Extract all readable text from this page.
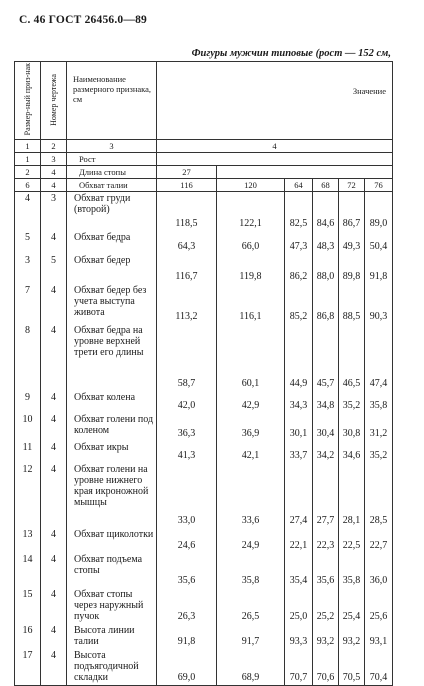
С. 46 ГОСТ 26456.0—89
Фигуры мужчин типовые (рост — 152 см,
Размер-ный приз-нак	Номер чертежа	Наименование размерного признака, см	Значение					
1	2	3	4					
1	3	Рост						
2	4	Длина стопы	27					
6	4	Обхват талии	116	120	64	68	72	76
4	3	Обхват груди (второй)	118,5	122,1	82,5	84,6	86,7	89,0
5	4	Обхват бедра	64,3	66,0	47,3	48,3	49,3	50,4
3	5	Обхват бедер	116,7	119,8	86,2	88,0	89,8	91,8
7	4	Обхват бедер без учета выступа живота	113,2	116,1	85,2	86,8	88,5	90,3
8	4	Обхват бедра на уровне верхней трети его длины	58,7	60,1	44,9	45,7	46,5	47,4
9	4	Обхват колена	42,0	42,9	34,3	34,8	35,2	35,8
10	4	Обхват голени под коленом	36,3	36,9	30,1	30,4	30,8	31,2
11	4	Обхват икры	41,3	42,1	33,7	34,2	34,6	35,2
12	4	Обхват голени на уровне нижнего края икроножной мышцы	33,0	33,6	27,4	27,7	28,1	28,5
13	4	Обхват щиколотки	24,6	24,9	22,1	22,3	22,5	22,7
14	4	Обхват подъема стопы	35,6	35,8	35,4	35,6	35,8	36,0
15	4	Обхват стопы через наружный пучок	26,3	26,5	25,0	25,2	25,4	25,6
16	4	Высота линии талии	91,8	91,7	93,3	93,2	93,2	93,1
17	4	Высота подъягодичной складки	69,0	68,9	70,7	70,6	70,5	70,4
